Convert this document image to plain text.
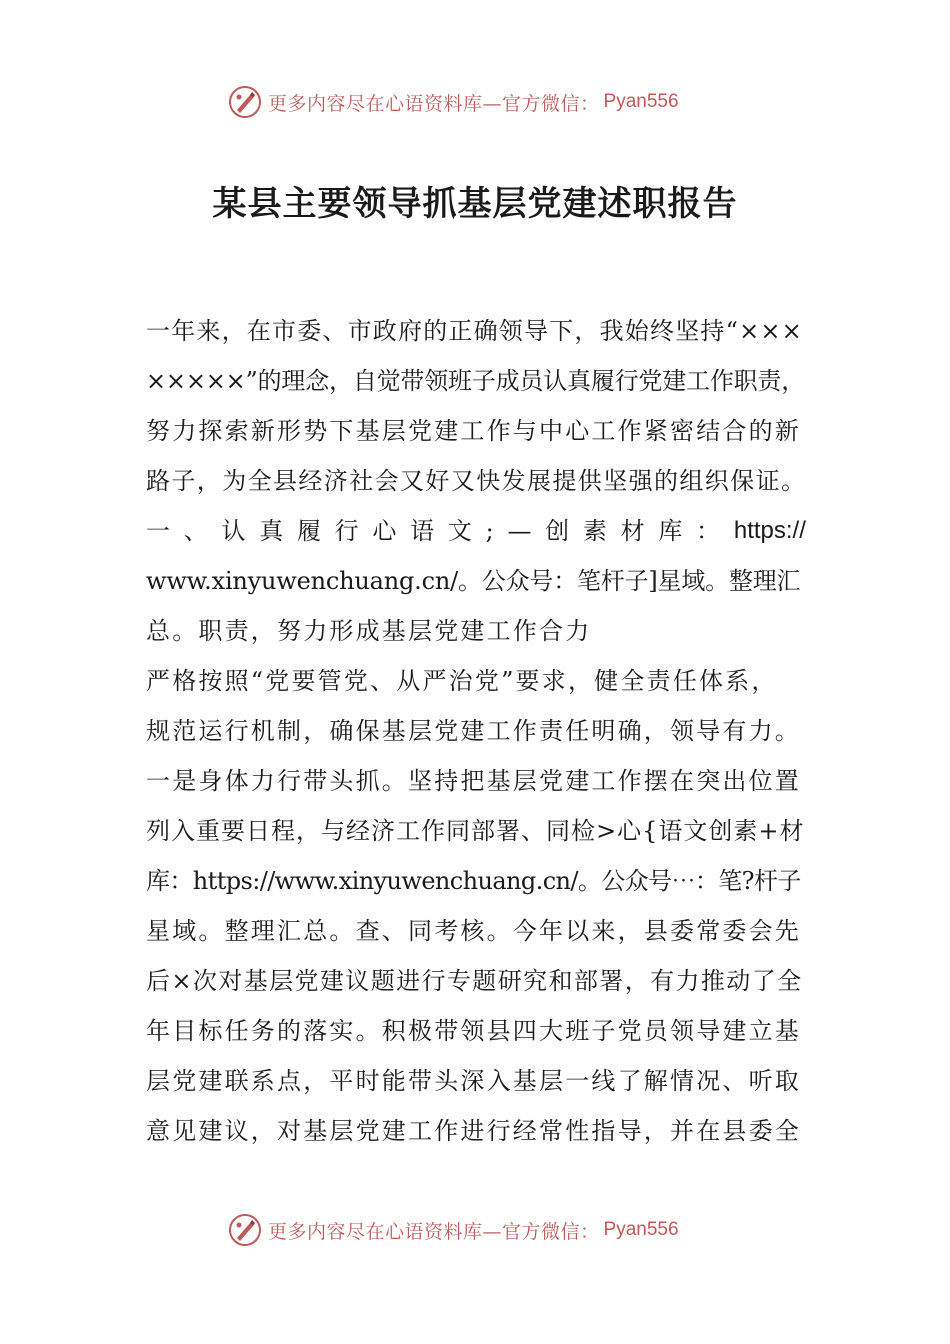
更多内容尽在心语资料库—官方微信： Pyan556
某县主要领导抓基层党建述职报告
一年来，在市委、市政府的正确领导下，我始终坚持“×××
×××××”的理念，自觉带领班子成员认真履行党建工作职责，
努力探索新形势下基层党建工作与中心工作紧密结合的新
路子，为全县经济社会又好又快发展提供坚强的组织保证。
一 、 认 真 履 行 心 语 文 ; — 创 素 材 库 ： https://
www.xinyuwenchuang.cn/。公众号：笔杆子]星域。整理汇
总。职责，努力形成基层党建工作合力
严格按照“党要管党、从严治党”要求，健全责任体系，
规范运行机制，确保基层党建工作责任明确，领导有力。
一是身体力行带头抓。坚持把基层党建工作摆在突出位置
列入重要日程，与经济工作同部署、同检>心{语文创素+材
库：https://www.xinyuwenchuang.cn/。公众号⋯：笔?杆子
星域。整理汇总。查、同考核。今年以来，县委常委会先
后×次对基层党建议题进行专题研究和部署，有力推动了全
年目标任务的落实。积极带领县四大班子党员领导建立基
层党建联系点，平时能带头深入基层一线了解情况、听取
意见建议，对基层党建工作进行经常性指导，并在县委全
更多内容尽在心语资料库—官方微信： Pyan556
